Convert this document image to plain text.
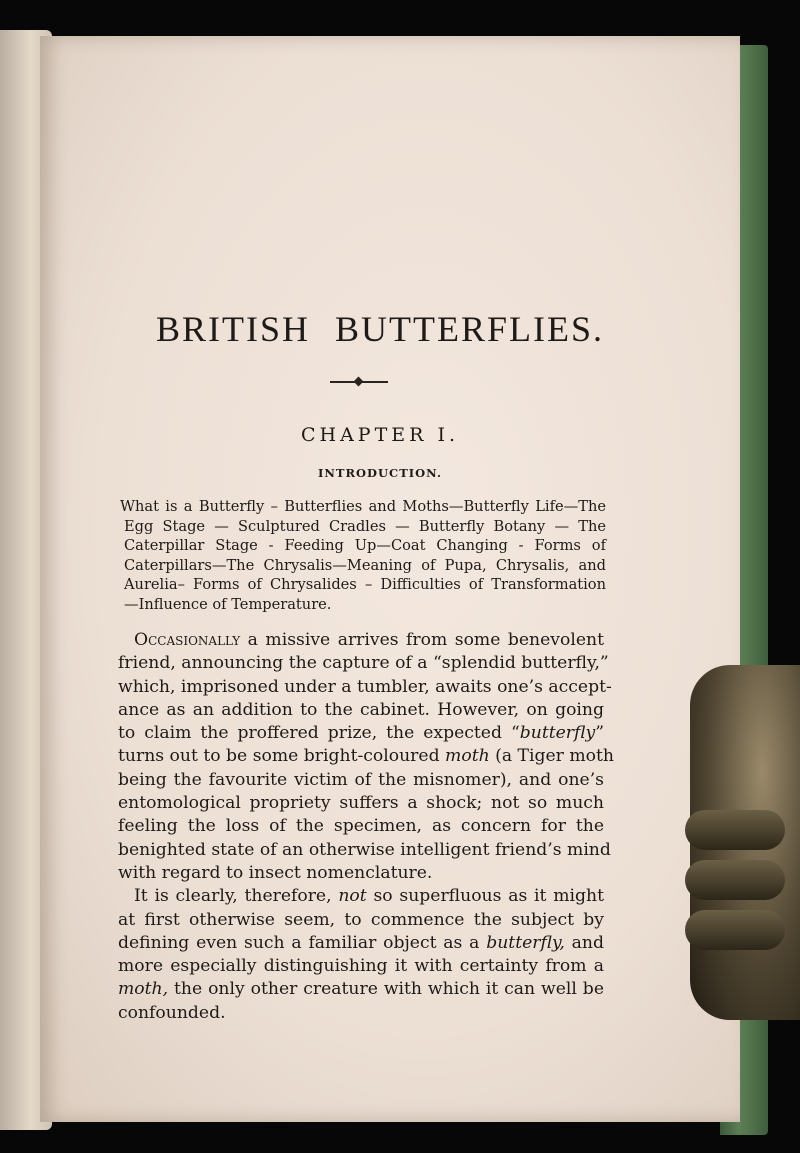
BRITISH BUTTERFLIES.
CHAPTER I.
INTRODUCTION.
What is a Butterfly – Butterflies and Moths—Butterfly Life—The
Egg Stage — Sculptured Cradles — Butterfly Botany — The
Caterpillar Stage - Feeding Up—Coat Changing - Forms of
Caterpillars—The Chrysalis—Meaning of Pupa, Chrysalis, and
Aurelia– Forms of Chrysalides – Difficulties of Transformation
—Influence of Temperature.
Occasionally a missive arrives from some benevolent
friend, announcing the capture of a “splendid butterfly,”
which, imprisoned under a tumbler, awaits one’s accept-
ance as an addition to the cabinet. However, on going
to claim the proffered prize, the expected “butterfly”
turns out to be some bright-coloured moth (a Tiger moth
being the favourite victim of the misnomer), and one’s
entomological propriety suffers a shock; not so much
feeling the loss of the specimen, as concern for the
benighted state of an otherwise intelligent friend’s mind
with regard to insect nomenclature.
It is clearly, therefore, not so superfluous as it might
at first otherwise seem, to commence the subject by
defining even such a familiar object as a butterfly, and
more especially distinguishing it with certainty from a
moth, the only other creature with which it can well be
confounded.
